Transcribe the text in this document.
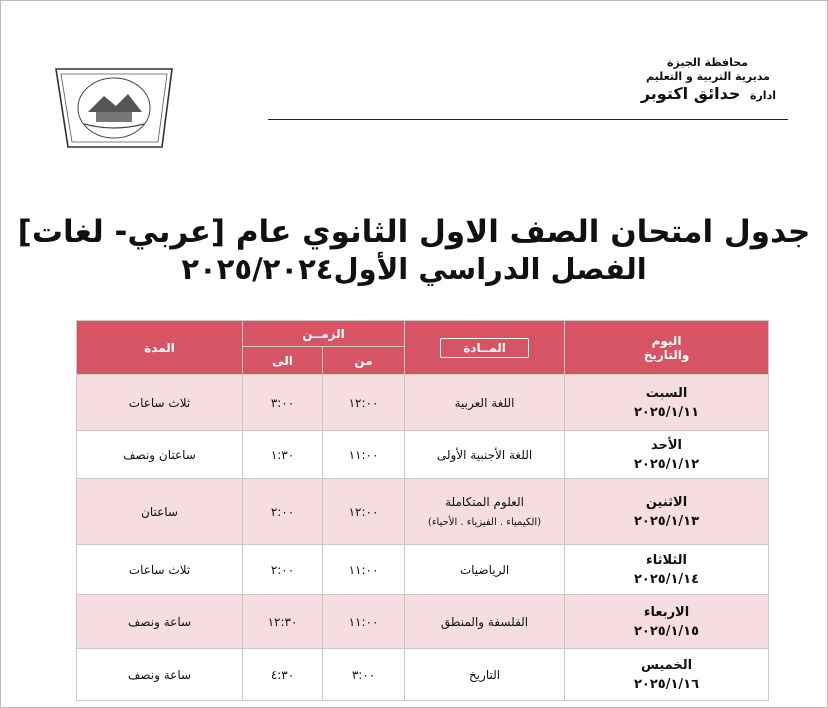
محافظة الجيزة
مديرية التربية و التعليم
ادارة حدائق اكتوبر
جدول امتحان الصف الاول الثانوي عام [عربي- لغات]
الفصل الدراسي الأول٢٠٢٥/٢٠٢٤
اليوم
والتاريخ	المــادة	الزمــن		المدة
		من	الى	

السبت
٢٠٢٥/١/١١	اللغة العربية	١٢:٠٠	٣:٠٠	ثلاث ساعات

الأحد
٢٠٢٥/١/١٢	اللغة الأجنبية الأولى	١١:٠٠	١:٣٠	ساعتان ونصف

الاثنين
٢٠٢٥/١/١٣	العلوم المتكاملة
(الكيمياء . الفيزياء . الأحياء)	١٢:٠٠	٢:٠٠	ساعتان

الثلاثاء
٢٠٢٥/١/١٤	الرياضيات	١١:٠٠	٢:٠٠	ثلاث ساعات

الاربعاء
٢٠٢٥/١/١٥	الفلسفة والمنطق	١١:٠٠	١٢:٣٠	ساعة ونصف

الخميس
٢٠٢٥/١/١٦	التاريخ	٣:٠٠	٤:٣٠	ساعة ونصف
